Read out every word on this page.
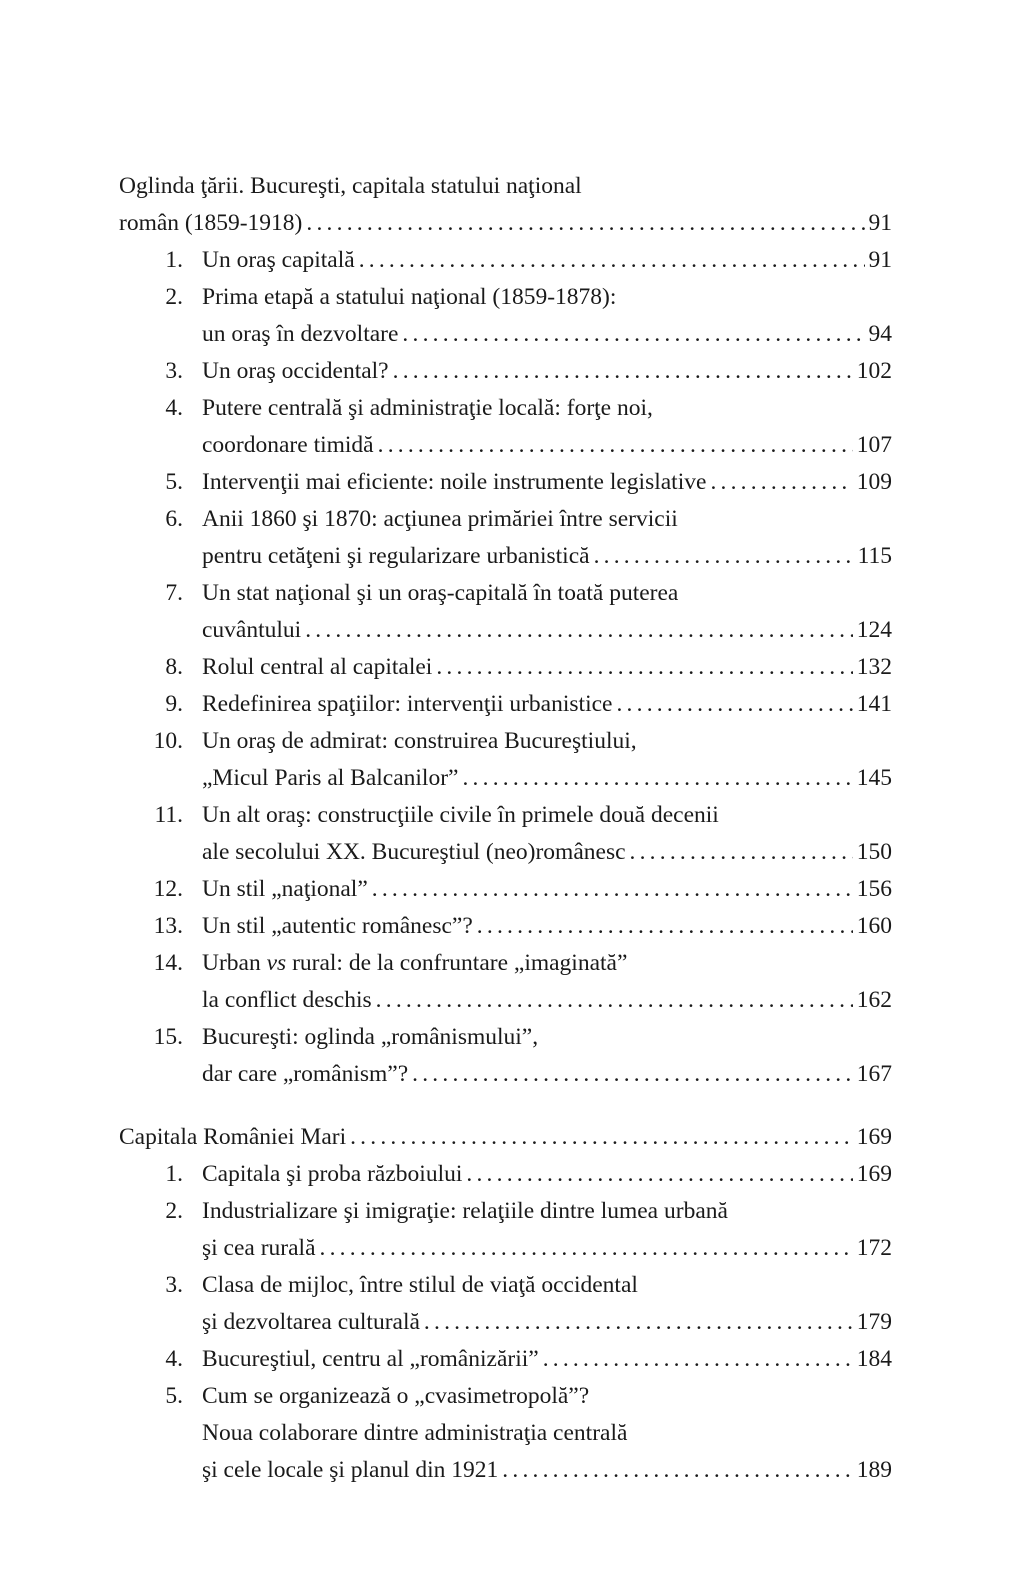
Oglinda ţării. Bucureşti, capitala statului naţional
român (1859-1918) .....	91
1. Un oraş capitală .....	91
2. Prima etapă a statului naţional (1859-1878):
un oraş în dezvoltare .....	94
3. Un oraş occidental? .....	102
4. Putere centrală şi administraţie locală: forţe noi,
coordonare timidă .....	107
5. Intervenţii mai eficiente: noile instrumente legislative .....	109
6. Anii 1860 şi 1870: acţiunea primăriei între servicii
pentru cetăţeni şi regularizare urbanistică .....	115
7. Un stat naţional şi un oraş-capitală în toată puterea
cuvântului .....	124
8. Rolul central al capitalei .....	132
9. Redefinirea spaţiilor: intervenţii urbanistice .....	141
10. Un oraş de admirat: construirea Bucureştiului,
„Micul Paris al Balcanilor” .....	145
11. Un alt oraş: construcţiile civile în primele două decenii
ale secolului XX. Bucureştiul (neo)românesc .....	150
12. Un stil „naţional” .....	156
13. Un stil „autentic românesc”? .....	160
14. Urban vs rural: de la confruntare „imaginată”
la conflict deschis .....	162
15. Bucureşti: oglinda „românismului”,
dar care „românism”? .....	167
Capitala României Mari .....	169
1. Capitala şi proba războiului .....	169
2. Industrializare şi imigraţie: relaţiile dintre lumea urbană
şi cea rurală .....	172
3. Clasa de mijloc, între stilul de viaţă occidental
şi dezvoltarea culturală .....	179
4. Bucureştiul, centru al „românizării” .....	184
5. Cum se organizează o „cvasimetropolă”?
Noua colaborare dintre administraţia centrală
şi cele locale şi planul din 1921 .....	189
